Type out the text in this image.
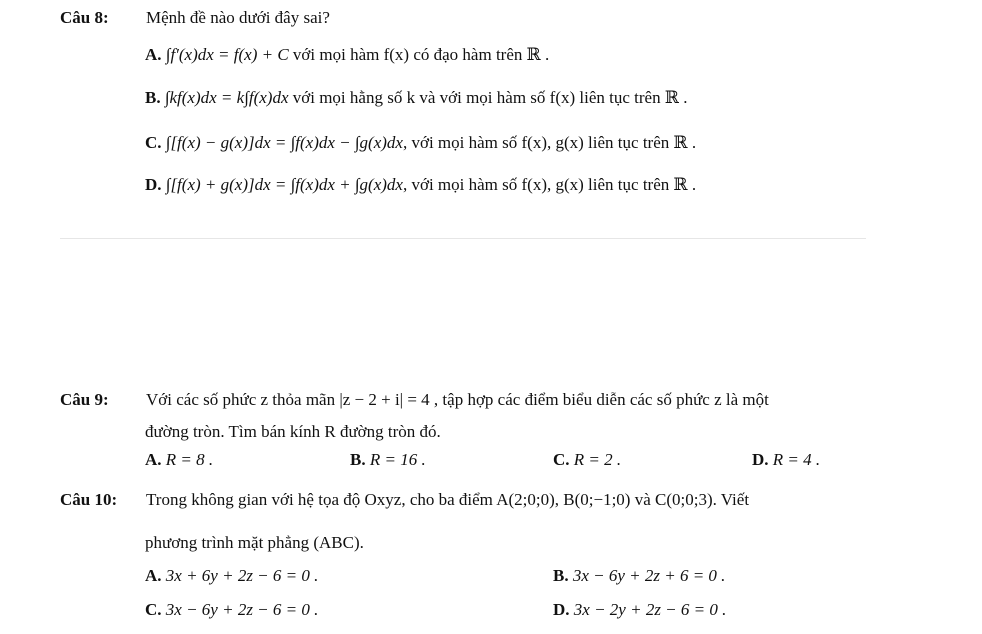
Câu 8: Mệnh đề nào dưới đây sai?
A. ∫f′(x)dx = f(x) + C với mọi hàm f(x) có đạo hàm trên ℝ .
B. ∫kf(x)dx = k∫f(x)dx với mọi hằng số k và với mọi hàm số f(x) liên tục trên ℝ .
C. ∫[f(x) − g(x)]dx = ∫f(x)dx − ∫g(x)dx, với mọi hàm số f(x), g(x) liên tục trên ℝ .
D. ∫[f(x) + g(x)]dx = ∫f(x)dx + ∫g(x)dx, với mọi hàm số f(x), g(x) liên tục trên ℝ .
Câu 9: Với các số phức z thỏa mãn |z − 2 + i| = 4 , tập hợp các điểm biểu diễn các số phức z là một
đường tròn. Tìm bán kính R đường tròn đó.
A. R = 8 .	B. R = 16 .	C. R = 2 .	D. R = 4 .
Câu 10: Trong không gian với hệ tọa độ Oxyz, cho ba điểm A(2;0;0), B(0;−1;0) và C(0;0;3). Viết
phương trình mặt phẳng (ABC).
A. 3x + 6y + 2z − 6 = 0 .	B. 3x − 6y + 2z + 6 = 0 .
C. 3x − 6y + 2z − 6 = 0 .	D. 3x − 2y + 2z − 6 = 0 .
